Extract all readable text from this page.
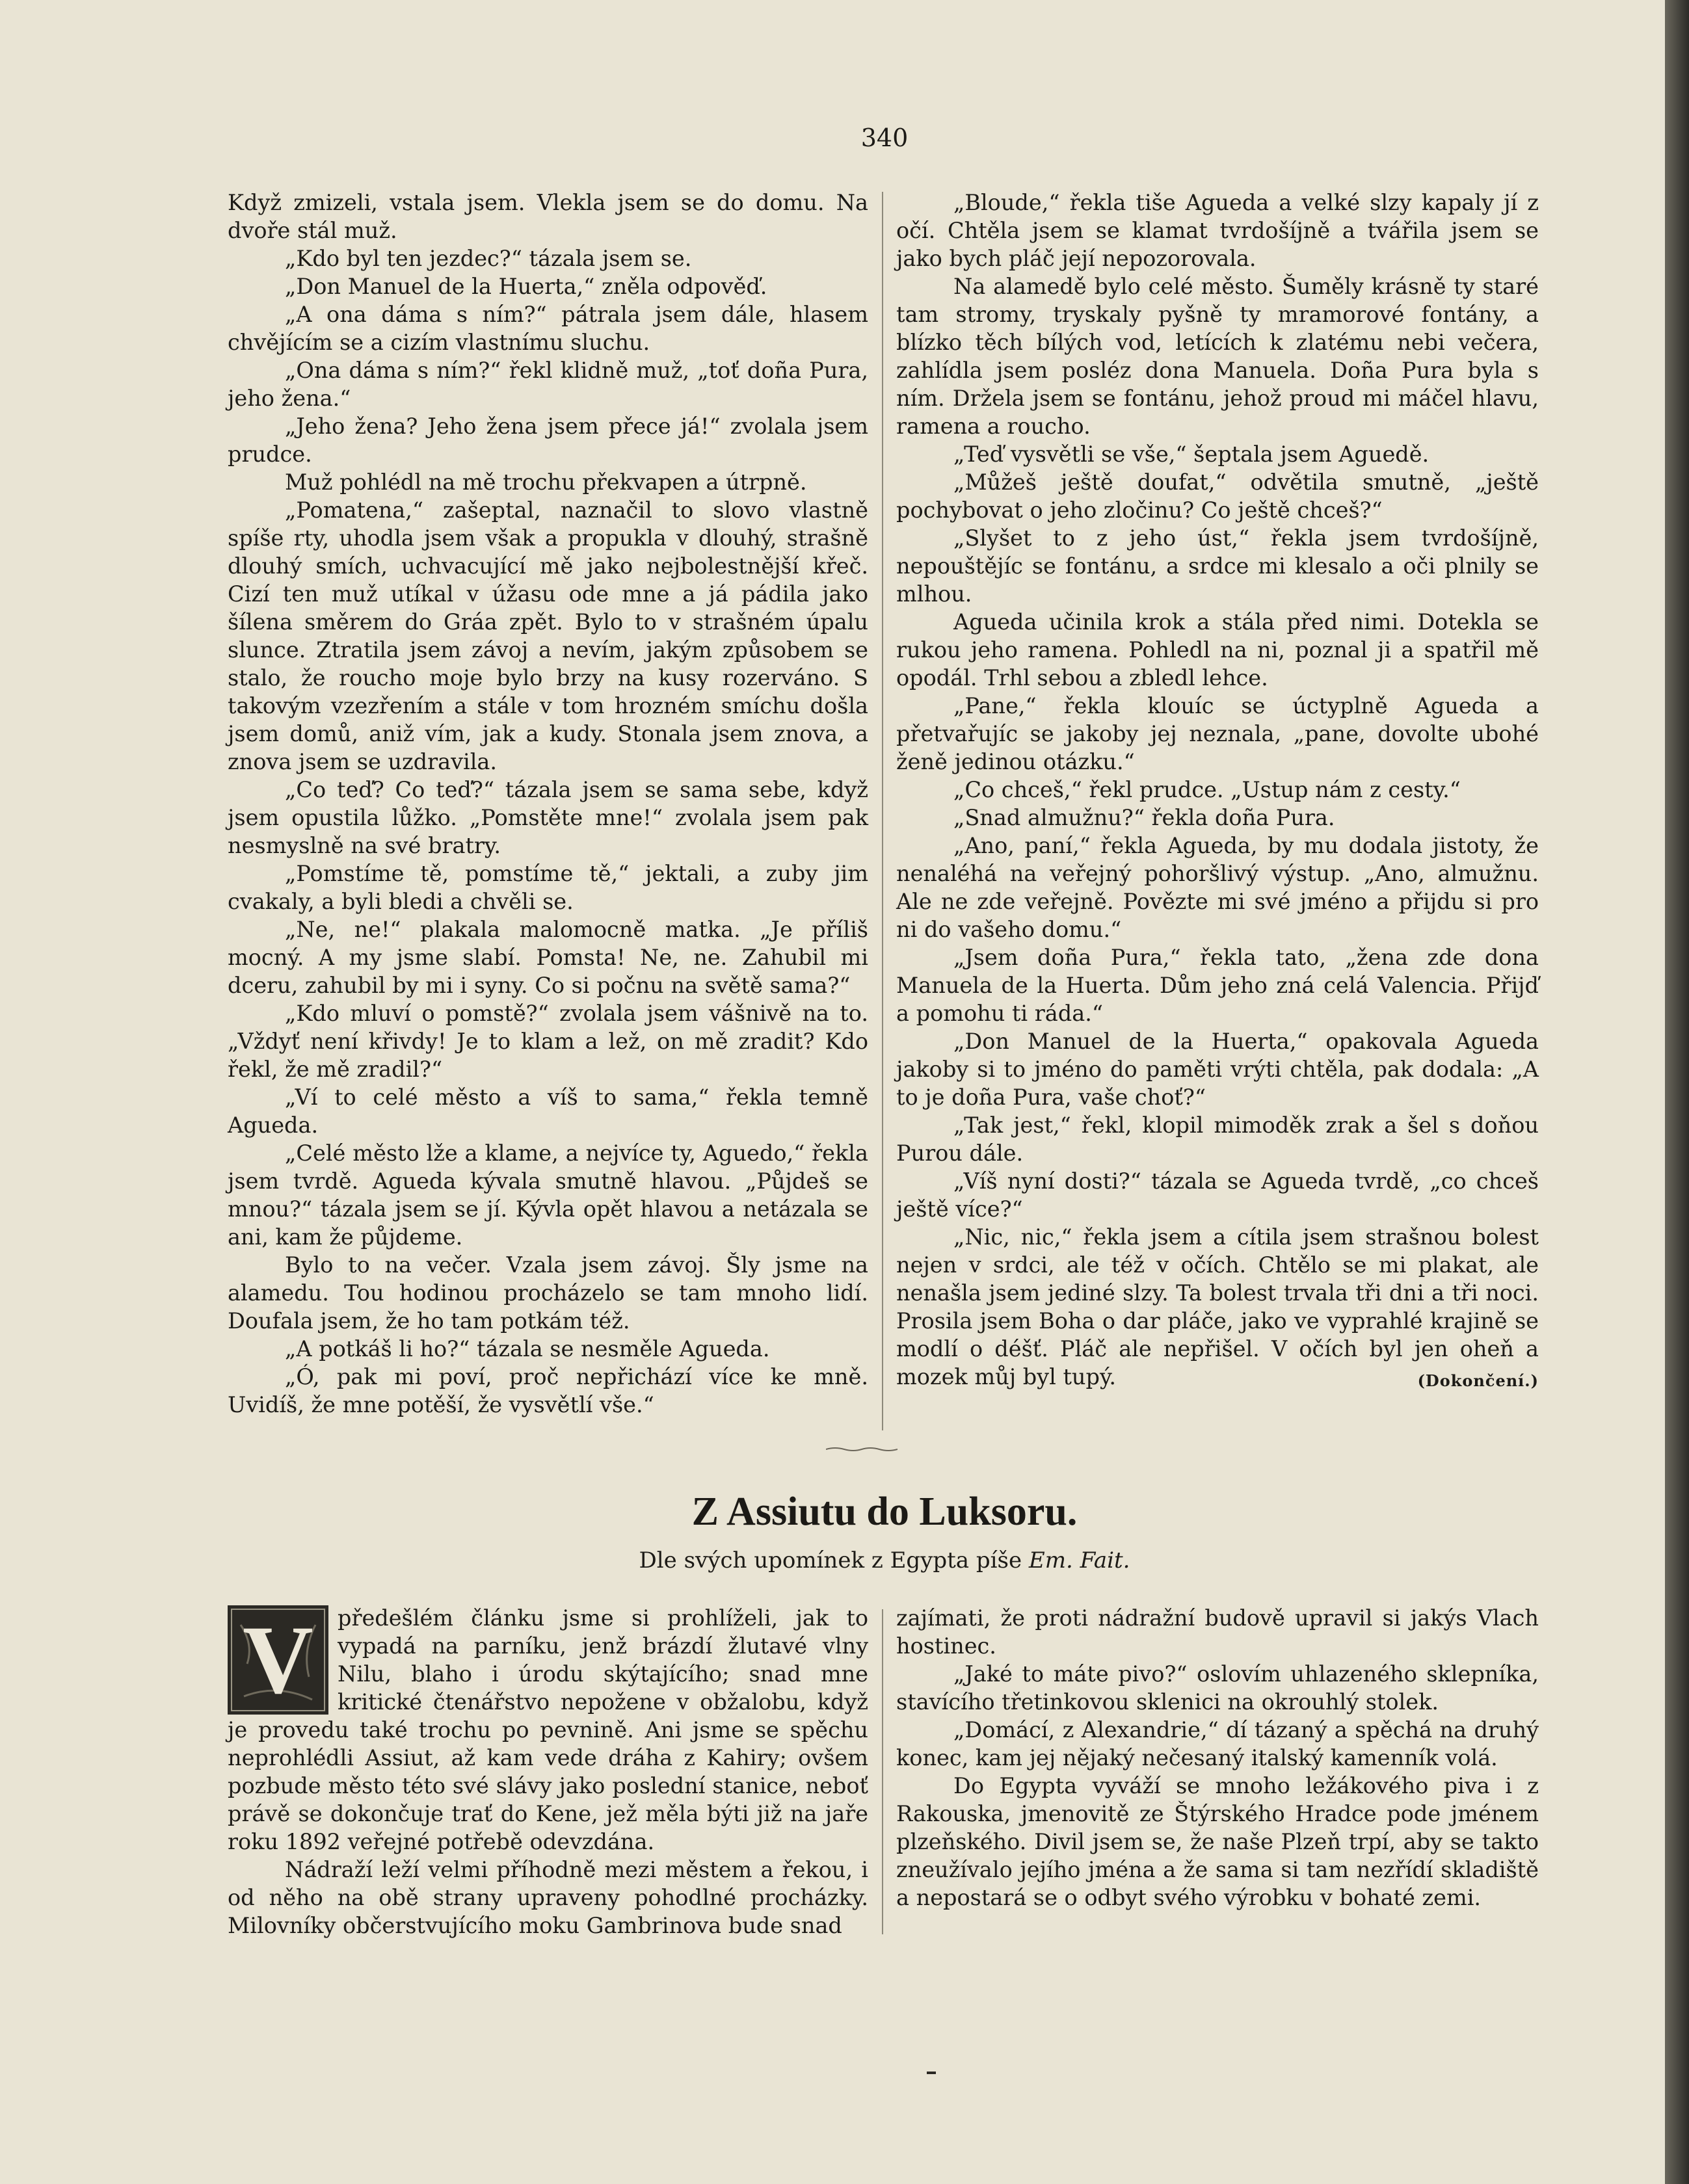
340

Když zmizeli, vstala jsem. Vlekla jsem se do domu. Na dvoře stál muž.

„Kdo byl ten jezdec?“ tázala jsem se.

„Don Manuel de la Huerta,“ zněla odpověď.

„A ona dáma s ním?“ pátrala jsem dále, hlasem chvějícím se a cizím vlastnímu sluchu.

„Ona dáma s ním?“ řekl klidně muž, „toť doña Pura, jeho žena.“

„Jeho žena? Jeho žena jsem přece já!“ zvolala jsem prudce.

Muž pohlédl na mě trochu překvapen a útrpně.

„Pomatena,“ zašeptal, naznačil to slovo vlastně spíše rty, uhodla jsem však a propukla v dlouhý, strašně dlouhý smích, uchvacující mě jako nejbolestnější křeč. Cizí ten muž utíkal v úžasu ode mne a já pádila jako šílena směrem do Gráa zpět. Bylo to v strašném úpalu slunce. Ztratila jsem závoj a nevím, jakým způsobem se stalo, že roucho moje bylo brzy na kusy rozerváno. S takovým vzezřením a stále v tom hrozném smíchu došla jsem domů, aniž vím, jak a kudy. Stonala jsem znova, a znova jsem se uzdravila.

„Co teď? Co teď?“ tázala jsem se sama sebe, když jsem opustila lůžko. „Pomstěte mne!“ zvolala jsem pak nesmyslně na své bratry.

„Pomstíme tě, pomstíme tě,“ jektali, a zuby jim cvakaly, a byli bledi a chvěli se.

„Ne, ne!“ plakala malomocně matka. „Je příliš mocný. A my jsme slabí. Pomsta! Ne, ne. Zahubil mi dceru, zahubil by mi i syny. Co si počnu na světě sama?“

„Kdo mluví o pomstě?“ zvolala jsem vášnivě na to. „Vždyť není křivdy! Je to klam a lež, on mě zradit? Kdo řekl, že mě zradil?“

„Ví to celé město a víš to sama,“ řekla temně Agueda.

„Celé město lže a klame, a nejvíce ty, Aguedo,“ řekla jsem tvrdě. Agueda kývala smutně hlavou. „Půjdeš se mnou?“ tázala jsem se jí. Kývla opět hlavou a netázala se ani, kam že půjdeme.

Bylo to na večer. Vzala jsem závoj. Šly jsme na alamedu. Tou hodinou procházelo se tam mnoho lidí. Doufala jsem, že ho tam potkám též.

„A potkáš li ho?“ tázala se nesměle Agueda.

„Ó, pak mi poví, proč nepřichází více ke mně. Uvidíš, že mne potěší, že vysvětlí vše.“

„Bloude,“ řekla tiše Agueda a velké slzy kapaly jí z očí. Chtěla jsem se klamat tvrdošíjně a tvářila jsem se jako bych pláč její nepozorovala.

Na alamedě bylo celé město. Šuměly krásně ty staré tam stromy, tryskaly pyšně ty mramorové fontány, a blízko těch bílých vod, letících k zlatému nebi večera, zahlídla jsem posléz dona Manuela. Doña Pura byla s ním. Držela jsem se fontánu, jehož proud mi máčel hlavu, ramena a roucho.

„Teď vysvětli se vše,“ šeptala jsem Aguedě.

„Můžeš ještě doufat,“ odvětila smutně, „ještě pochybovat o jeho zločinu? Co ještě chceš?“

„Slyšet to z jeho úst,“ řekla jsem tvrdošíjně, nepouštějíc se fontánu, a srdce mi klesalo a oči plnily se mlhou.

Agueda učinila krok a stála před nimi. Dotekla se rukou jeho ramena. Pohledl na ni, poznal ji a spatřil mě opodál. Trhl sebou a zbledl lehce.

„Pane,“ řekla klouíc se úctyplně Agueda a přetvařujíc se jakoby jej neznala, „pane, dovolte ubohé ženě jedinou otázku.“

„Co chceš,“ řekl prudce. „Ustup nám z cesty.“

„Snad almužnu?“ řekla doña Pura.

„Ano, paní,“ řekla Agueda, by mu dodala jistoty, že nenaléhá na veřejný pohoršlivý výstup. „Ano, almužnu. Ale ne zde veřejně. Povězte mi své jméno a přijdu si pro ni do vašeho domu.“

„Jsem doña Pura,“ řekla tato, „žena zde dona Manuela de la Huerta. Dům jeho zná celá Valencia. Přijď a pomohu ti ráda.“

„Don Manuel de la Huerta,“ opakovala Agueda jakoby si to jméno do paměti vrýti chtěla, pak dodala: „A to je doña Pura, vaše choť?“

„Tak jest,“ řekl, klopil mimoděk zrak a šel s doňou Purou dále.

„Víš nyní dosti?“ tázala se Agueda tvrdě, „co chceš ještě více?“

„Nic, nic,“ řekla jsem a cítila jsem strašnou bolest nejen v srdci, ale též v očích. Chtělo se mi plakat, ale nenašla jsem jediné slzy. Ta bolest trvala tři dni a tři noci. Prosila jsem Boha o dar pláče, jako ve vyprahlé krajině se modlí o déšť. Pláč ale nepřišel. V očích byl jen oheň a mozek můj byl tupý.	(Dokončení.)

Z Assiutu do Luksoru.
Dle svých upomínek z Egypta píše Em. Fait.

V	předešlém článku jsme si prohlíželi, jak to vypadá na parníku, jenž brázdí žlutavé vlny Nilu, blaho i úrodu skýtajícího; snad mne kritické čtenářstvo nepožene v obžalobu, když je provedu také trochu po pevnině. Ani jsme se spěchu neprohlédli Assiut, až kam vede dráha z Kahiry; ovšem pozbude město této své slávy jako poslední stanice, neboť právě se dokončuje trať do Kene, jež měla býti již na jaře roku 1892 veřejné potřebě odevzdána.

Nádraží leží velmi příhodně mezi městem a řekou, i od něho na obě strany upraveny pohodlné procházky. Milovníky občerstvujícího moku Gambrinova bude snad

zajímati, že proti nádražní budově upravil si jakýs Vlach hostinec.

„Jaké to máte pivo?“ oslovím uhlazeného sklepníka, stavícího třetinkovou sklenici na okrouhlý stolek.

„Domácí, z Alexandrie,“ dí tázaný a spěchá na druhý konec, kam jej nějaký nečesaný italský kamenník volá.

Do Egypta vyváží se mnoho ležákového piva i z Rakouska, jmenovitě ze Štýrského Hradce pode jménem plzeňského. Divil jsem se, že naše Plzeň trpí, aby se takto zneužívalo jejího jména a že sama si tam nezřídí skladiště a nepostará se o odbyt svého výrobku v bohaté zemi.
